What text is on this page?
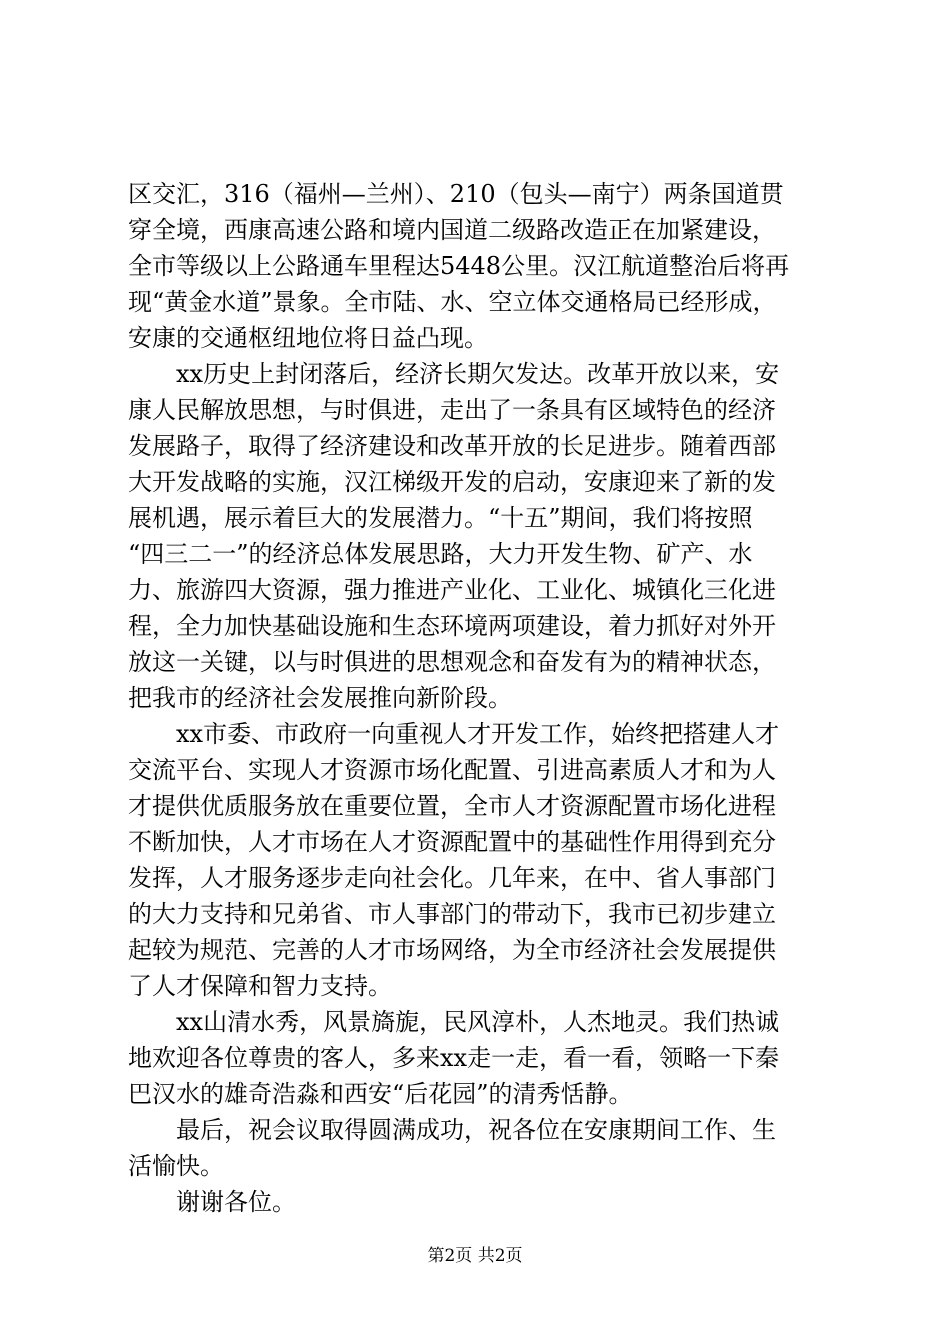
区交汇，316（福州—兰州）、210（包头—南宁）两条国道贯
穿全境，西康高速公路和境内国道二级路改造正在加紧建设，
全市等级以上公路通车里程达5448公里。汉江航道整治后将再
现“黄金水道”景象。全市陆、水、空立体交通格局已经形成，
安康的交通枢纽地位将日益凸现。
xx历史上封闭落后，经济长期欠发达。改革开放以来，安
康人民解放思想，与时俱进，走出了一条具有区域特色的经济
发展路子，取得了经济建设和改革开放的长足进步。随着西部
大开发战略的实施，汉江梯级开发的启动，安康迎来了新的发
展机遇，展示着巨大的发展潜力。“十五”期间，我们将按照
“四三二一”的经济总体发展思路，大力开发生物、矿产、水
力、旅游四大资源，强力推进产业化、工业化、城镇化三化进
程，全力加快基础设施和生态环境两项建设，着力抓好对外开
放这一关键，以与时俱进的思想观念和奋发有为的精神状态，
把我市的经济社会发展推向新阶段。
xx市委、市政府一向重视人才开发工作，始终把搭建人才
交流平台、实现人才资源市场化配置、引进高素质人才和为人
才提供优质服务放在重要位置，全市人才资源配置市场化进程
不断加快，人才市场在人才资源配置中的基础性作用得到充分
发挥，人才服务逐步走向社会化。几年来，在中、省人事部门
的大力支持和兄弟省、市人事部门的带动下，我市已初步建立
起较为规范、完善的人才市场网络，为全市经济社会发展提供
了人才保障和智力支持。
xx山清水秀，风景旖旎，民风淳朴，人杰地灵。我们热诚
地欢迎各位尊贵的客人，多来xx走一走，看一看，领略一下秦
巴汉水的雄奇浩淼和西安“后花园”的清秀恬静。
最后，祝会议取得圆满成功，祝各位在安康期间工作、生
活愉快。
谢谢各位。
第2页 共2页
